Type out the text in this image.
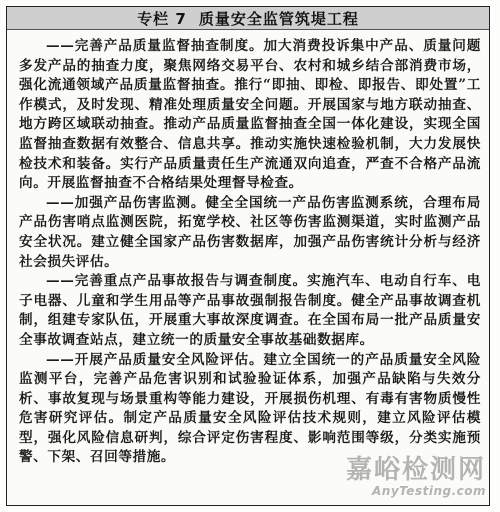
专栏 7 质量安全监管筑堤工程

——完善产品质量监督抽查制度。加大消费投诉集中产品、质量问题多发产品的抽查力度，聚焦网络交易平台、农村和城乡结合部消费市场，强化流通领域产品质量监督抽查。推行“即抽、即检、即报告、即处置”工作模式，及时发现、精准处理质量安全问题。开展国家与地方联动抽查、地方跨区域联动抽查。推动产品质量监督抽查全国一体化建设，实现全国监督抽查数据有效整合、信息共享。推动实施快速检验机制，大力发展快检技术和装备。实行产品质量责任生产流通双向追查，严查不合格产品流向。开展监督抽查不合格结果处理督导检查。

——加强产品伤害监测。健全全国统一产品伤害监测系统，合理布局产品伤害哨点监测医院，拓宽学校、社区等伤害监测渠道，实时监测产品安全状况。建立健全国家产品伤害数据库，加强产品伤害统计分析与经济社会损失评估。

——完善重点产品事故报告与调查制度。实施汽车、电动自行车、电子电器、儿童和学生用品等产品事故强制报告制度。健全产品事故调查机制，组建专家队伍，开展重大事故深度调查。在全国布局一批产品质量安全事故调查站点，建立统一的质量安全事故基础数据库。

——开展产品质量安全风险评估。建立全国统一的产品质量安全风险监测平台，完善产品危害识别和试验验证体系，加强产品缺陷与失效分析、事故复现与场景重构等能力建设，开展损伤机理、有毒有害物质慢性危害研究评估。制定产品质量安全风险评估技术规则，建立风险评估模型，强化风险信息研判，综合评定伤害程度、影响范围等级，分类实施预警、下架、召回等措施。	嘉峪检测网
AnyTesting.com
